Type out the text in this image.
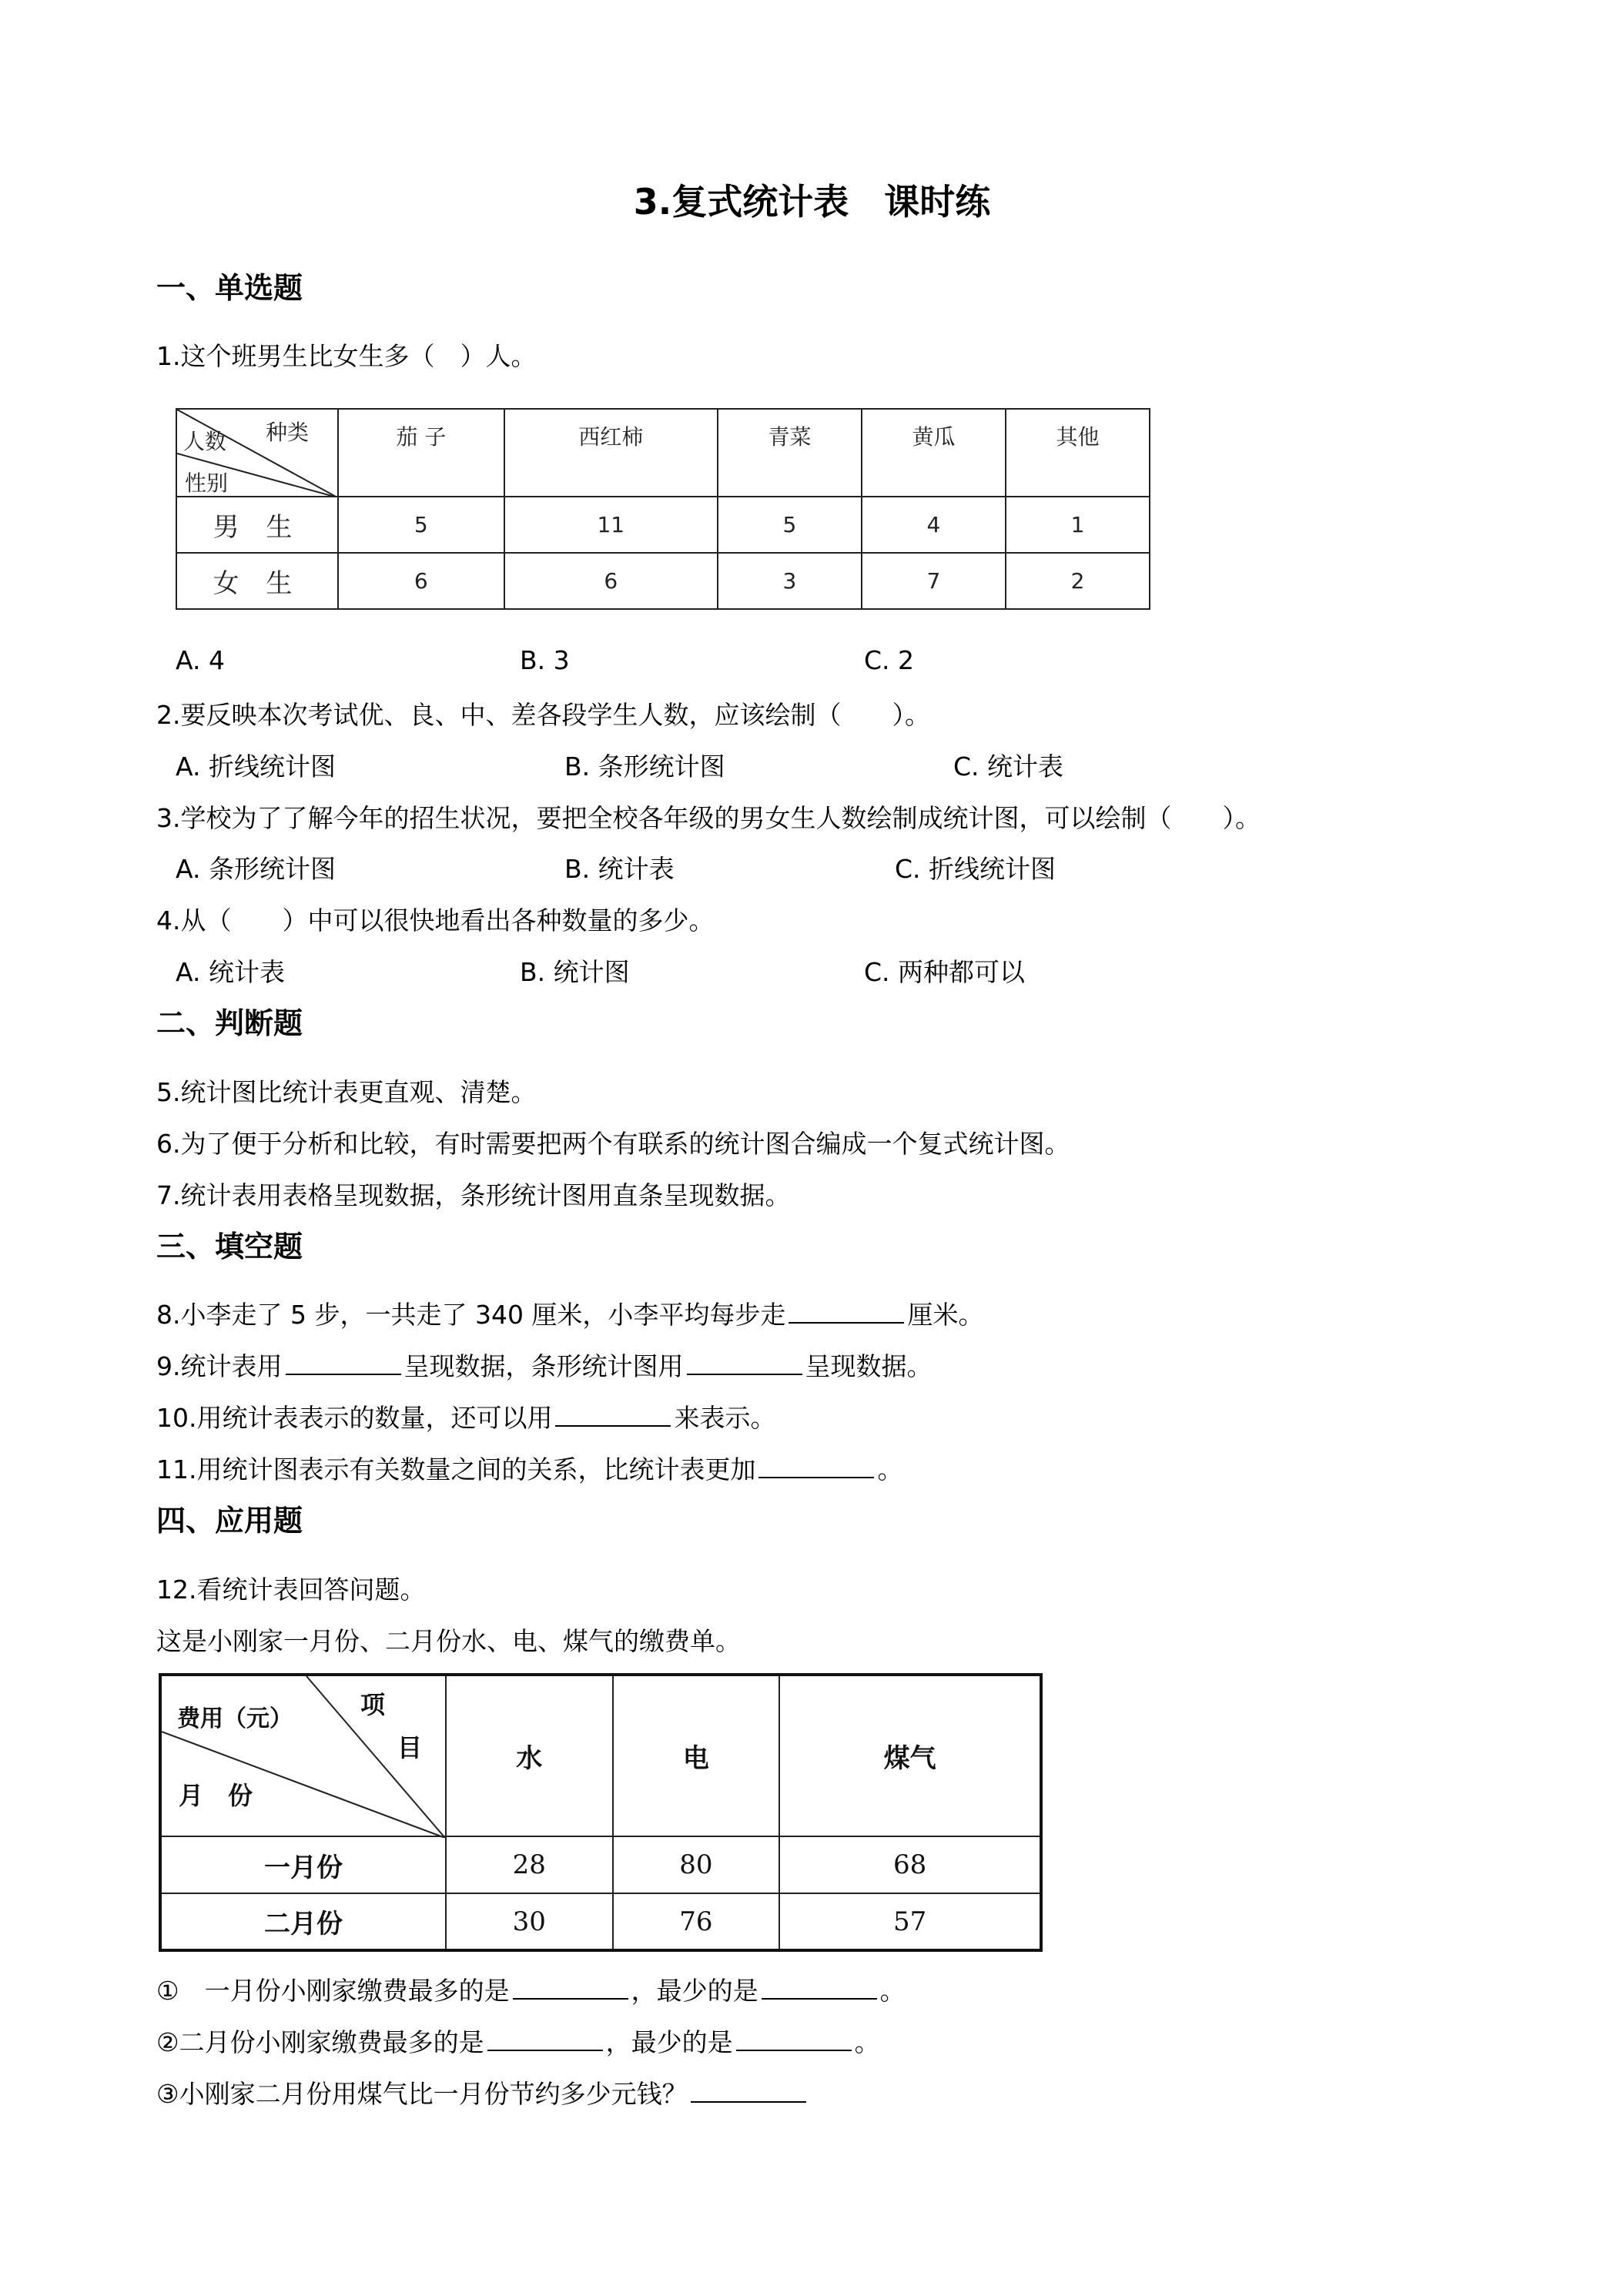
3.复式统计表　课时练
一、单选题
1.这个班男生比女生多（　）人。
种类
人数
性别	茄 子	西红柿	青菜	黄瓜	其他
男 生	5	11	5	4	1
女 生	6	6	3	7	2
A. 4	B. 3	C. 2
2.要反映本次考试优、良、中、差各段学生人数，应该绘制（　　）。
A. 折线统计图	B. 条形统计图	C. 统计表
3.学校为了了解今年的招生状况，要把全校各年级的男女生人数绘制成统计图，可以绘制（　　）。
A. 条形统计图	B. 统计表	C. 折线统计图
4.从（　　）中可以很快地看出各种数量的多少。
A. 统计表	B. 统计图	C. 两种都可以
二、判断题
5.统计图比统计表更直观、清楚。
6.为了便于分析和比较，有时需要把两个有联系的统计图合编成一个复式统计图。
7.统计表用表格呈现数据，条形统计图用直条呈现数据。
三、填空题
8.小李走了 5 步，一共走了 340 厘米，小李平均每步走	厘米。
9.统计表用	呈现数据，条形统计图用	呈现数据。
10.用统计表表示的数量，还可以用	来表示。
11.用统计图表示有关数量之间的关系，比统计表更加	。
四、应用题
12.看统计表回答问题。
这是小刚家一月份、二月份水、电、煤气的缴费单。
项
目
费用（元）
月　份	水	电	煤气
一月份	28	80	68
二月份	30	76	57
①　一月份小刚家缴费最多的是	，最少的是	。
②二月份小刚家缴费最多的是	，最少的是	。
③小刚家二月份用煤气比一月份节约多少元钱？
